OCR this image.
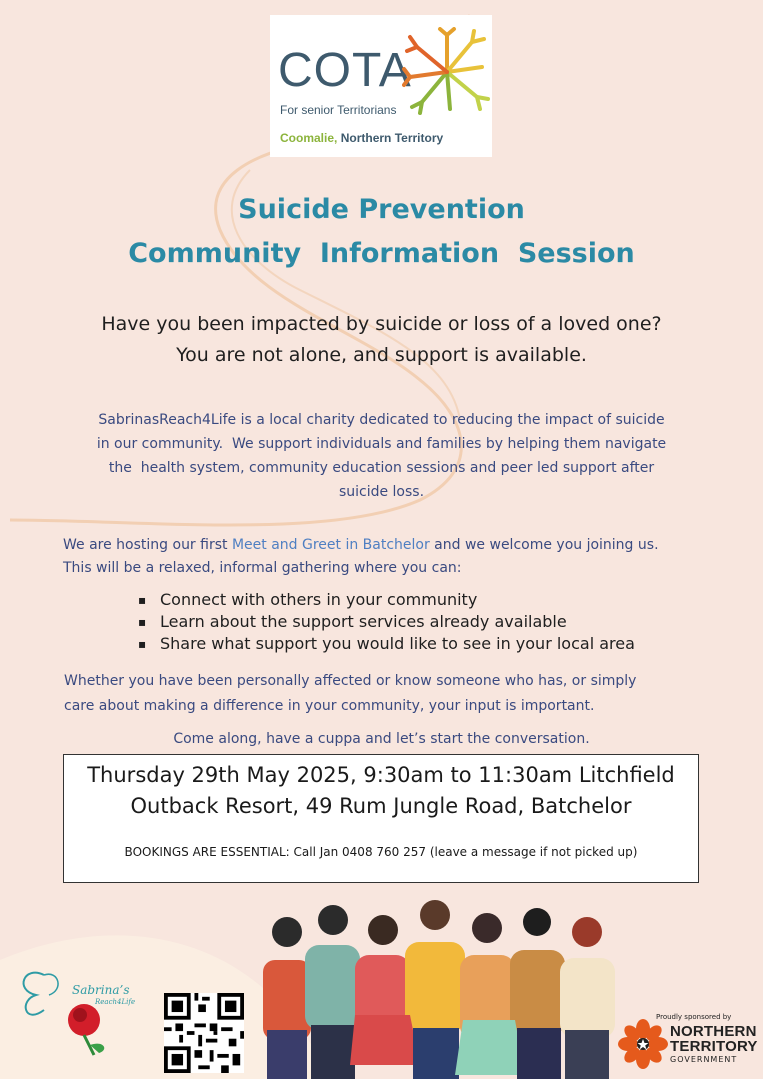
COTA
For senior Territorians
Coomalie, Northern Territory
Suicide Prevention
Community  Information  Session
Have you been impacted by suicide or loss of a loved one?
You are not alone, and support is available.
SabrinasReach4Life is a local charity dedicated to reducing the impact of suicide
in our community.  We support individuals and families by helping them navigate
the  health system, community education sessions and peer led support after
suicide loss.
We are hosting our first Meet and Greet in Batchelor and we welcome you joining us.
This will be a relaxed, informal gathering where you can:
▪ Connect with others in your community
▪ Learn about the support services already available
▪ Share what support you would like to see in your local area
Whether you have been personally affected or know someone who has, or simply
care about making a difference in your community, your input is important.
Come along, have a cuppa and let’s start the conversation.
Thursday 29th May 2025, 9:30am to 11:30am Litchfield
Outback Resort, 49 Rum Jungle Road, Batchelor
BOOKINGS ARE ESSENTIAL: Call Jan 0408 760 257 (leave a message if not picked up)
Sabrina’s
Reach4Life
Proudly sponsored by
NORTHERN
TERRITORY
GOVERNMENT
